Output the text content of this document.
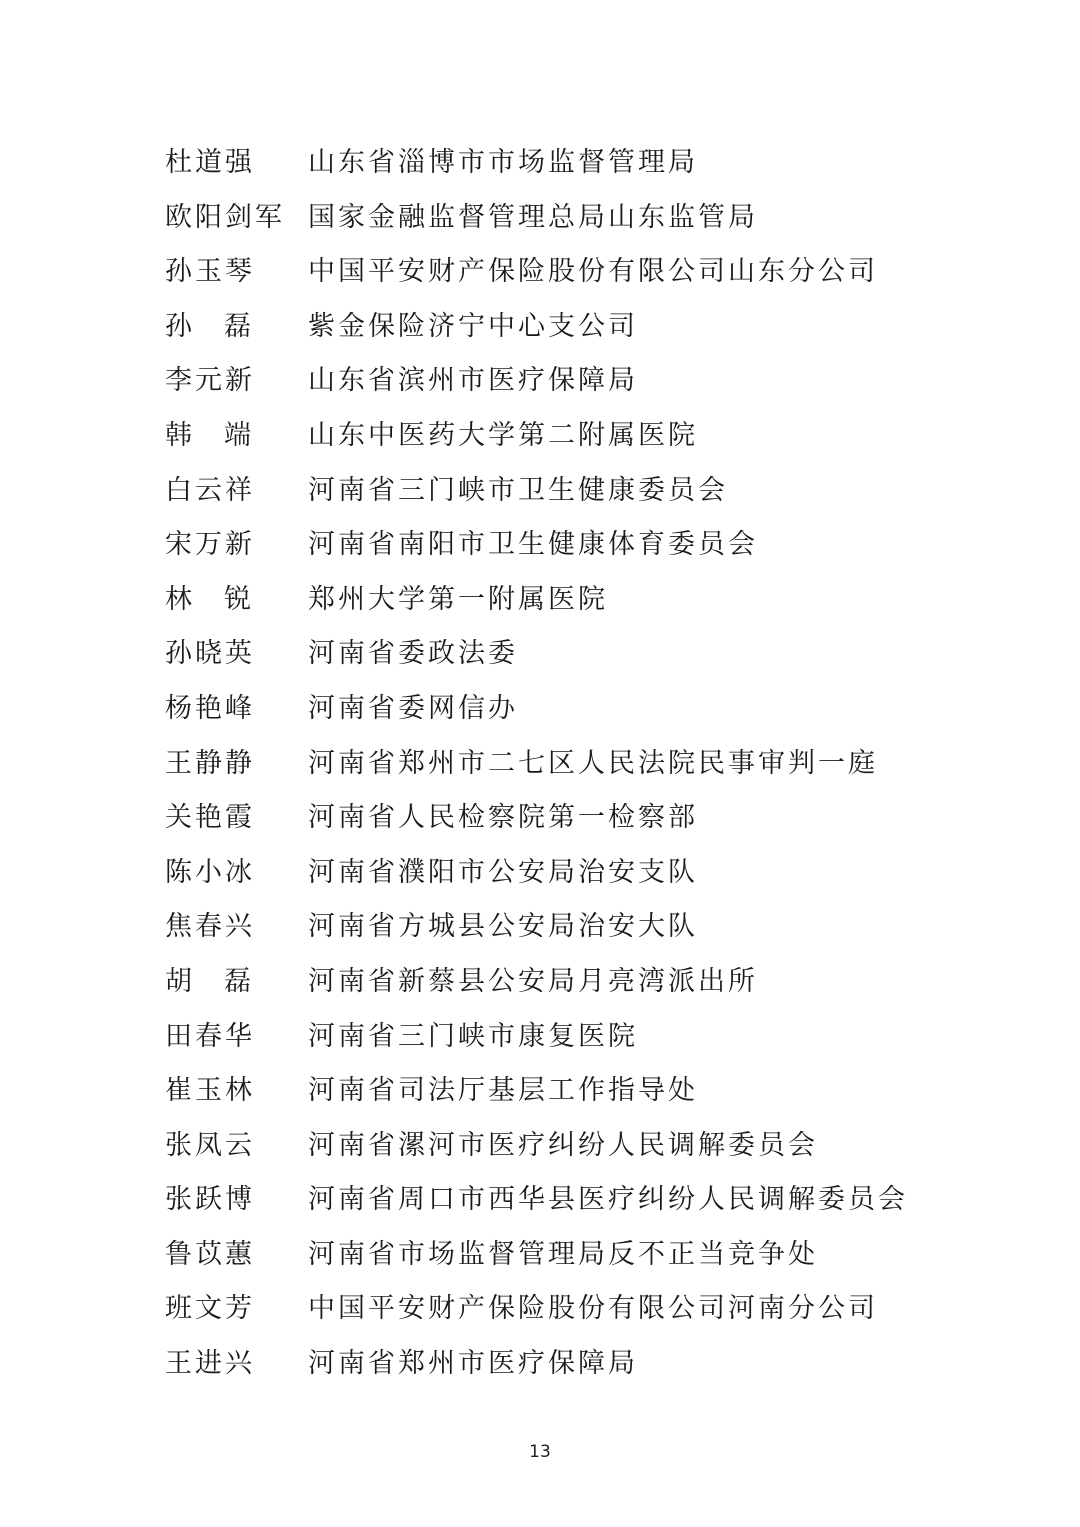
杜道强 山东省淄博市市场监督管理局
欧阳剑军 国家金融监督管理总局山东监管局
孙玉琴 中国平安财产保险股份有限公司山东分公司
孙 磊 紫金保险济宁中心支公司
李元新 山东省滨州市医疗保障局
韩 端 山东中医药大学第二附属医院
白云祥 河南省三门峡市卫生健康委员会
宋万新 河南省南阳市卫生健康体育委员会
林 锐 郑州大学第一附属医院
孙晓英 河南省委政法委
杨艳峰 河南省委网信办
王静静 河南省郑州市二七区人民法院民事审判一庭
关艳霞 河南省人民检察院第一检察部
陈小冰 河南省濮阳市公安局治安支队
焦春兴 河南省方城县公安局治安大队
胡 磊 河南省新蔡县公安局月亮湾派出所
田春华 河南省三门峡市康复医院
崔玉林 河南省司法厅基层工作指导处
张凤云 河南省漯河市医疗纠纷人民调解委员会
张跃博 河南省周口市西华县医疗纠纷人民调解委员会
鲁苡蕙 河南省市场监督管理局反不正当竞争处
班文芳 中国平安财产保险股份有限公司河南分公司
王进兴 河南省郑州市医疗保障局
13
